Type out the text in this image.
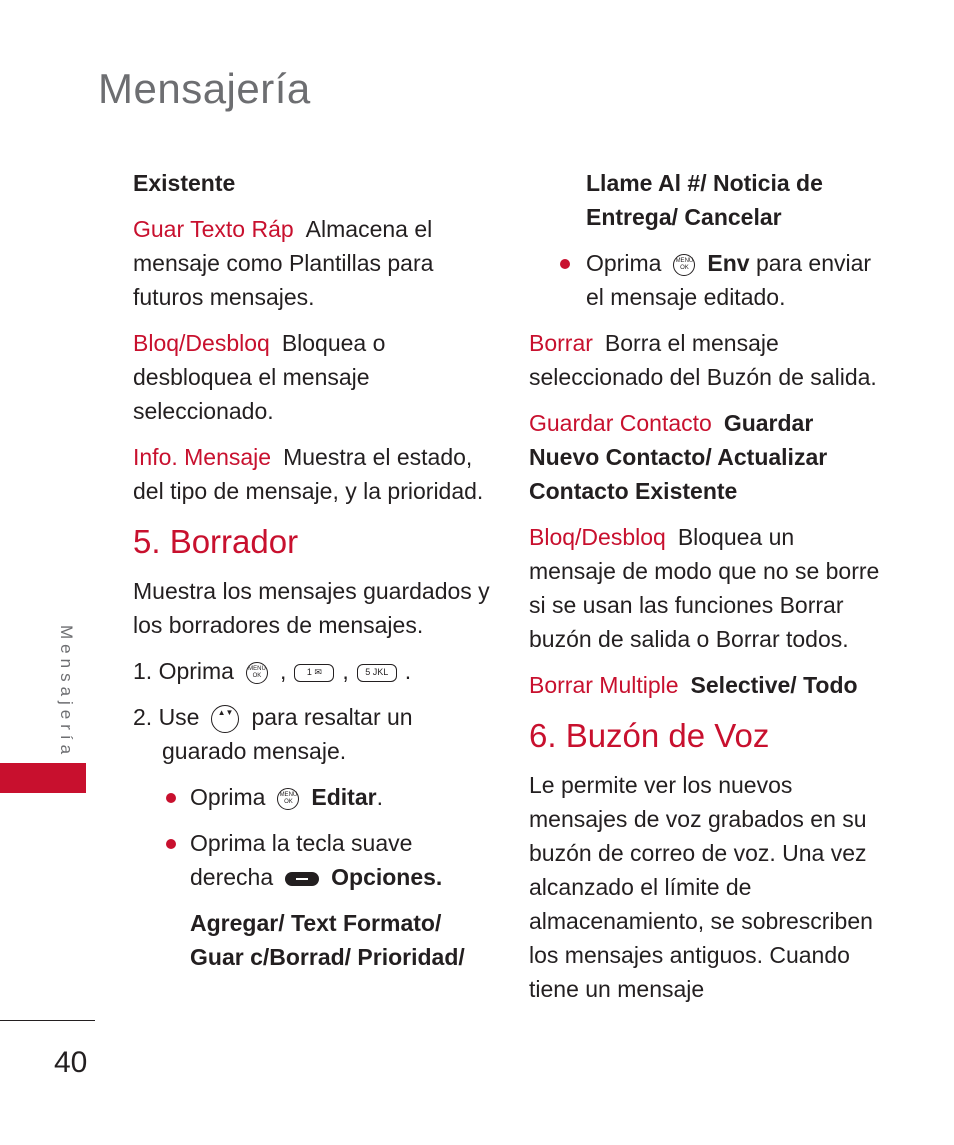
Mensajería

Existente

Guar Texto Ráp Almacena el mensaje como Plantillas para futuros mensajes.

Bloq/Desbloq Bloquea o desbloquea el mensaje seleccionado.

Info. Mensaje Muestra el estado, del tipo de mensaje, y la prioridad.

5. Borrador

Muestra los mensajes guardados y los borradores de mensajes.

1. Oprima MENU
OK , 1 ✉ , 5 JKL .

2. Use ▲▼ para resaltar un
guarado mensaje.

Oprima MENU
OK Editar.

Oprima la tecla suave
derecha	Opciones.

Agregar/ Text Formato/ Guar c/Borrad/ Prioridad/

Llame Al #/ Noticia de Entrega/ Cancelar

Oprima MENU
OK Env para enviar el mensaje editado.

Borrar Borra el mensaje seleccionado del Buzón de salida.

Guardar Contacto Guardar Nuevo Contacto/ Actualizar Contacto Existente

Bloq/Desbloq Bloquea un mensaje de modo que no se borre si se usan las funciones Borrar buzón de salida o Borrar todos.

Borrar Multiple Selective/ Todo

6. Buzón de Voz

Le permite ver los nuevos mensajes de voz grabados en su buzón de correo de voz. Una vez alcanzado el límite de almacenamiento, se sobrescriben los mensajes antiguos. Cuando tiene un mensaje

Mensajería
40
